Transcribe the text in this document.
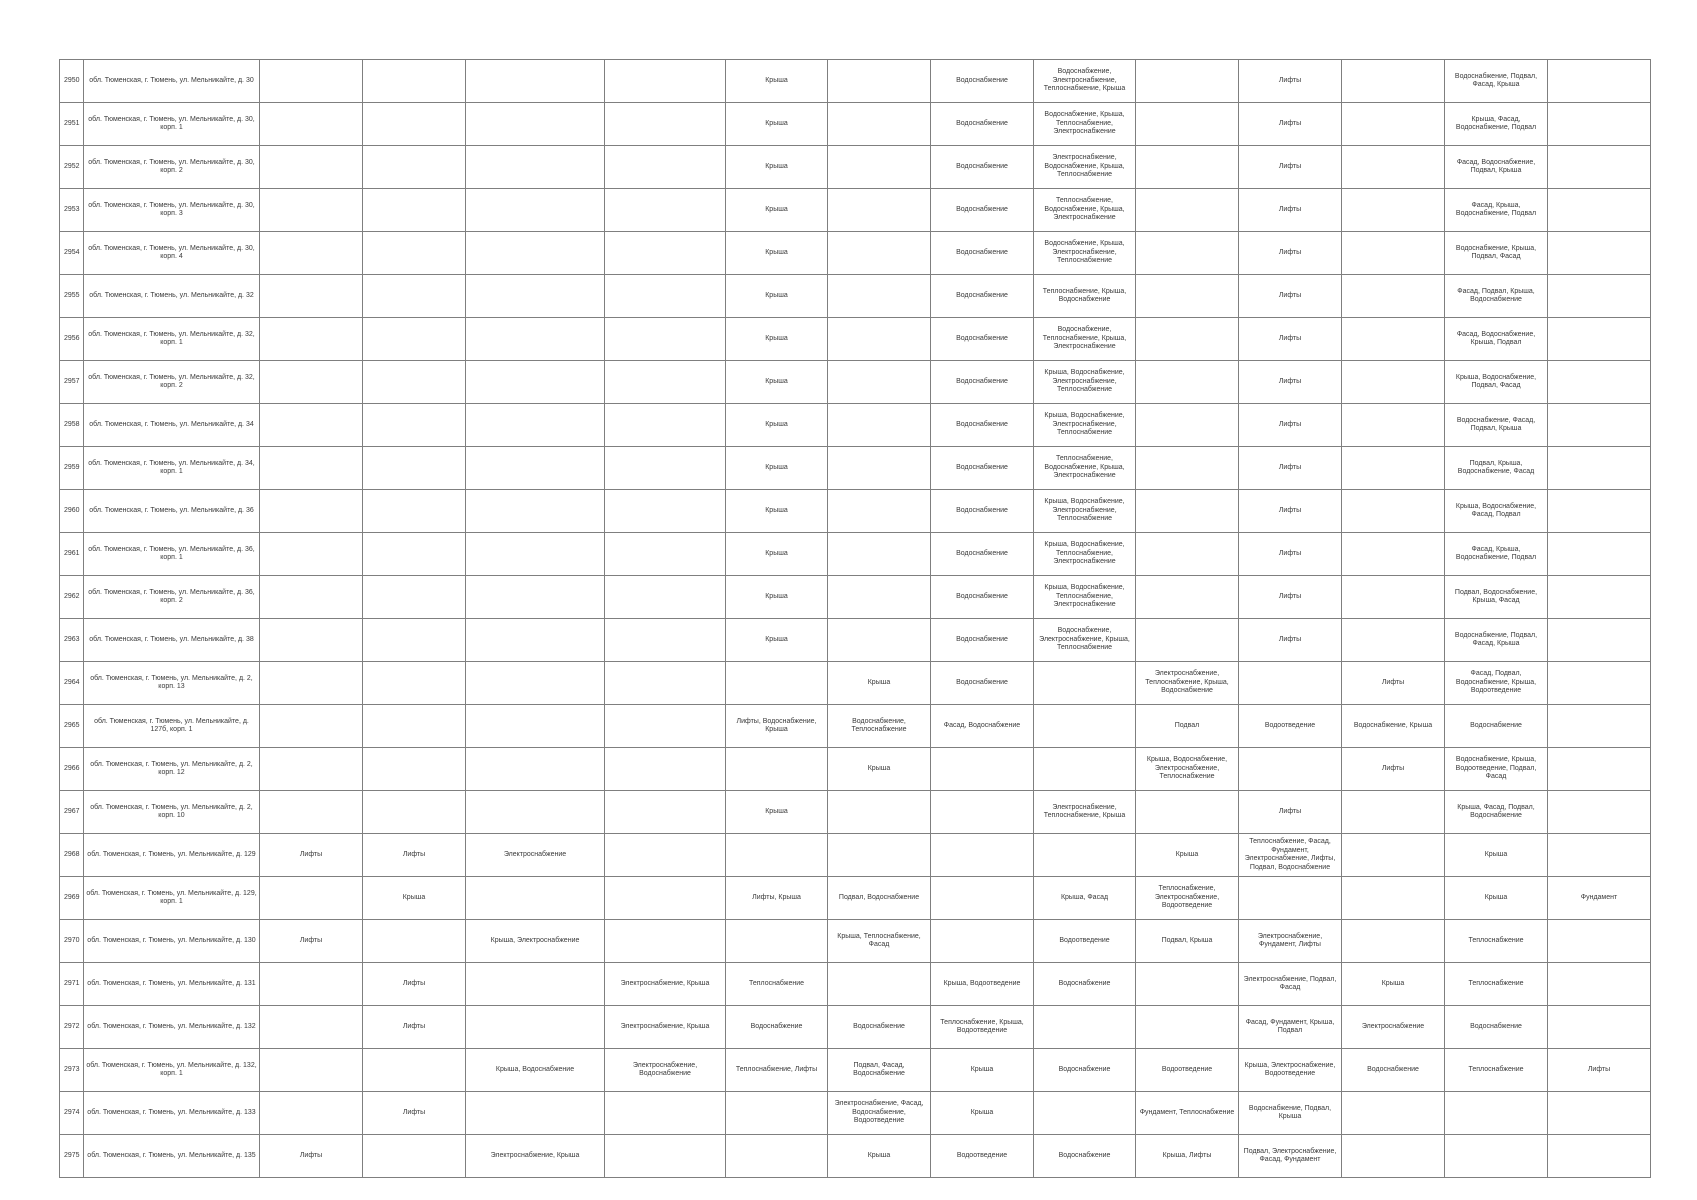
2950	обл. Тюменская, г. Тюмень, ул. Мельникайте, д. 30					Крыша		Водоснабжение	Водоснабжение, Электроснабжение, Теплоснабжение, Крыша		Лифты		Водоснабжение, Подвал, Фасад, Крыша	
2951	обл. Тюменская, г. Тюмень, ул. Мельникайте, д. 30, корп. 1					Крыша		Водоснабжение	Водоснабжение, Крыша, Теплоснабжение, Электроснабжение		Лифты		Крыша, Фасад, Водоснабжение, Подвал	
2952	обл. Тюменская, г. Тюмень, ул. Мельникайте, д. 30, корп. 2					Крыша		Водоснабжение	Электроснабжение, Водоснабжение, Крыша, Теплоснабжение		Лифты		Фасад, Водоснабжение, Подвал, Крыша	
2953	обл. Тюменская, г. Тюмень, ул. Мельникайте, д. 30, корп. 3					Крыша		Водоснабжение	Теплоснабжение, Водоснабжение, Крыша, Электроснабжение		Лифты		Фасад, Крыша, Водоснабжение, Подвал	
2954	обл. Тюменская, г. Тюмень, ул. Мельникайте, д. 30, корп. 4					Крыша		Водоснабжение	Водоснабжение, Крыша, Электроснабжение, Теплоснабжение		Лифты		Водоснабжение, Крыша, Подвал, Фасад	
2955	обл. Тюменская, г. Тюмень, ул. Мельникайте, д. 32					Крыша		Водоснабжение	Теплоснабжение, Крыша, Водоснабжение		Лифты		Фасад, Подвал, Крыша, Водоснабжение	
2956	обл. Тюменская, г. Тюмень, ул. Мельникайте, д. 32, корп. 1					Крыша		Водоснабжение	Водоснабжение, Теплоснабжение, Крыша, Электроснабжение		Лифты		Фасад, Водоснабжение, Крыша, Подвал	
2957	обл. Тюменская, г. Тюмень, ул. Мельникайте, д. 32, корп. 2					Крыша		Водоснабжение	Крыша, Водоснабжение, Электроснабжение, Теплоснабжение		Лифты		Крыша, Водоснабжение, Подвал, Фасад	
2958	обл. Тюменская, г. Тюмень, ул. Мельникайте, д. 34					Крыша		Водоснабжение	Крыша, Водоснабжение, Электроснабжение, Теплоснабжение		Лифты		Водоснабжение, Фасад, Подвал, Крыша	
2959	обл. Тюменская, г. Тюмень, ул. Мельникайте, д. 34, корп. 1					Крыша		Водоснабжение	Теплоснабжение, Водоснабжение, Крыша, Электроснабжение		Лифты		Подвал, Крыша, Водоснабжение, Фасад	
2960	обл. Тюменская, г. Тюмень, ул. Мельникайте, д. 36					Крыша		Водоснабжение	Крыша, Водоснабжение, Электроснабжение, Теплоснабжение		Лифты		Крыша, Водоснабжение, Фасад, Подвал	
2961	обл. Тюменская, г. Тюмень, ул. Мельникайте, д. 36, корп. 1					Крыша		Водоснабжение	Крыша, Водоснабжение, Теплоснабжение, Электроснабжение		Лифты		Фасад, Крыша, Водоснабжение, Подвал	
2962	обл. Тюменская, г. Тюмень, ул. Мельникайте, д. 36, корп. 2					Крыша		Водоснабжение	Крыша, Водоснабжение, Теплоснабжение, Электроснабжение		Лифты		Подвал, Водоснабжение, Крыша, Фасад	
2963	обл. Тюменская, г. Тюмень, ул. Мельникайте, д. 38					Крыша		Водоснабжение	Водоснабжение, Электроснабжение, Крыша, Теплоснабжение		Лифты		Водоснабжение, Подвал, Фасад, Крыша	
2964	обл. Тюменская, г. Тюмень, ул. Мельникайте, д. 2, корп. 13						Крыша	Водоснабжение		Электроснабжение, Теплоснабжение, Крыша, Водоснабжение		Лифты	Фасад, Подвал, Водоснабжение, Крыша, Водоотведение	
2965	обл. Тюменская, г. Тюмень, ул. Мельникайте, д. 127б, корп. 1					Лифты, Водоснабжение, Крыша	Водоснабжение, Теплоснабжение	Фасад, Водоснабжение		Подвал	Водоотведение	Водоснабжение, Крыша	Водоснабжение	
2966	обл. Тюменская, г. Тюмень, ул. Мельникайте, д. 2, корп. 12						Крыша			Крыша, Водоснабжение, Электроснабжение, Теплоснабжение		Лифты	Водоснабжение, Крыша, Водоотведение, Подвал, Фасад	
2967	обл. Тюменская, г. Тюмень, ул. Мельникайте, д. 2, корп. 10					Крыша			Электроснабжение, Теплоснабжение, Крыша		Лифты		Крыша, Фасад, Подвал, Водоснабжение	
2968	обл. Тюменская, г. Тюмень, ул. Мельникайте, д. 129	Лифты	Лифты	Электроснабжение						Крыша	Теплоснабжение, Фасад, Фундамент, Электроснабжение, Лифты, Подвал, Водоснабжение		Крыша	
2969	обл. Тюменская, г. Тюмень, ул. Мельникайте, д. 129, корп. 1		Крыша			Лифты, Крыша	Подвал, Водоснабжение		Крыша, Фасад	Теплоснабжение, Электроснабжение, Водоотведение			Крыша	Фундамент
2970	обл. Тюменская, г. Тюмень, ул. Мельникайте, д. 130	Лифты		Крыша, Электроснабжение			Крыша, Теплоснабжение, Фасад		Водоотведение	Подвал, Крыша	Электроснабжение, Фундамент, Лифты		Теплоснабжение	
2971	обл. Тюменская, г. Тюмень, ул. Мельникайте, д. 131		Лифты		Электроснабжение, Крыша	Теплоснабжение		Крыша, Водоотведение	Водоснабжение		Электроснабжение, Подвал, Фасад	Крыша	Теплоснабжение	
2972	обл. Тюменская, г. Тюмень, ул. Мельникайте, д. 132		Лифты		Электроснабжение, Крыша	Водоснабжение	Водоснабжение	Теплоснабжение, Крыша, Водоотведение			Фасад, Фундамент, Крыша, Подвал	Электроснабжение	Водоснабжение	
2973	обл. Тюменская, г. Тюмень, ул. Мельникайте, д. 132, корп. 1			Крыша, Водоснабжение	Электроснабжение, Водоснабжение	Теплоснабжение, Лифты	Подвал, Фасад, Водоснабжение	Крыша	Водоснабжение	Водоотведение	Крыша, Электроснабжение, Водоотведение	Водоснабжение	Теплоснабжение	Лифты
2974	обл. Тюменская, г. Тюмень, ул. Мельникайте, д. 133		Лифты				Электроснабжение, Фасад, Водоснабжение, Водоотведение	Крыша		Фундамент, Теплоснабжение	Водоснабжение, Подвал, Крыша			
2975	обл. Тюменская, г. Тюмень, ул. Мельникайте, д. 135	Лифты		Электроснабжение, Крыша			Крыша	Водоотведение	Водоснабжение	Крыша, Лифты	Подвал, Электроснабжение, Фасад, Фундамент			
